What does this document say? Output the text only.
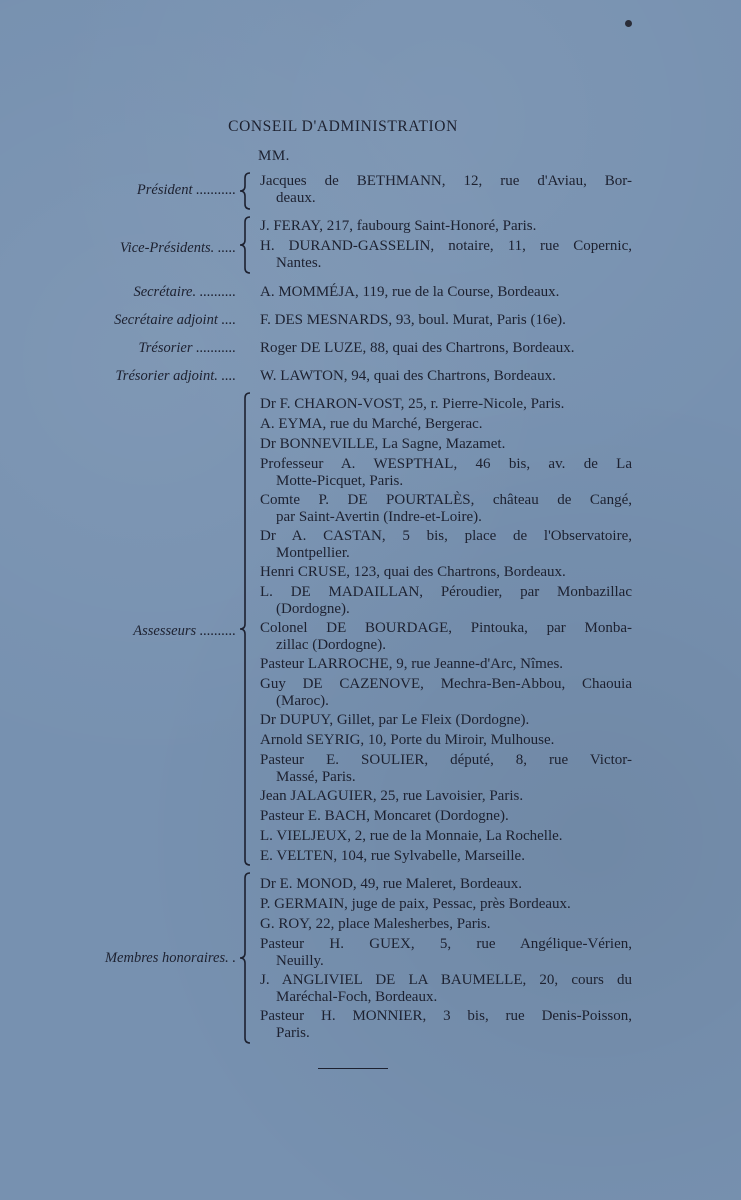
CONSEIL D'ADMINISTRATION
MM.
Président ...........
Jacques de BETHMANN, 12, rue d'Aviau, Bor-
deaux.
Vice-Présidents. .....
J. FERAY, 217, faubourg Saint-Honoré, Paris.
H. DURAND-GASSELIN, notaire, 11, rue Copernic,
Nantes.
Secrétaire. .......... A. MOMMÉJA, 119, rue de la Course, Bordeaux.
Secrétaire adjoint .... F. DES MESNARDS, 93, boul. Murat, Paris (16e).
Trésorier ........... Roger DE LUZE, 88, quai des Chartrons, Bordeaux.
Trésorier adjoint. .... W. LAWTON, 94, quai des Chartrons, Bordeaux.
Assesseurs ..........
Dr F. CHARON-VOST, 25, r. Pierre-Nicole, Paris.
A. EYMA, rue du Marché, Bergerac.
Dr BONNEVILLE, La Sagne, Mazamet.
Professeur A. WESPTHAL, 46 bis, av. de La
Motte-Picquet, Paris.
Comte P. DE POURTALÈS, château de Cangé,
par Saint-Avertin (Indre-et-Loire).
Dr A. CASTAN, 5 bis, place de l'Observatoire,
Montpellier.
Henri CRUSE, 123, quai des Chartrons, Bordeaux.
L. DE MADAILLAN, Péroudier, par Monbazillac
(Dordogne).
Colonel DE BOURDAGE, Pintouka, par Monba-
zillac (Dordogne).
Pasteur LARROCHE, 9, rue Jeanne-d'Arc, Nîmes.
Guy DE CAZENOVE, Mechra-Ben-Abbou, Chaouia
(Maroc).
Dr DUPUY, Gillet, par Le Fleix (Dordogne).
Arnold SEYRIG, 10, Porte du Miroir, Mulhouse.
Pasteur E. SOULIER, député, 8, rue Victor-
Massé, Paris.
Jean JALAGUIER, 25, rue Lavoisier, Paris.
Pasteur E. BACH, Moncaret (Dordogne).
L. VIELJEUX, 2, rue de la Monnaie, La Rochelle.
E. VELTEN, 104, rue Sylvabelle, Marseille.
Membres honoraires. .
Dr E. MONOD, 49, rue Maleret, Bordeaux.
P. GERMAIN, juge de paix, Pessac, près Bordeaux.
G. ROY, 22, place Malesherbes, Paris.
Pasteur H. GUEX, 5, rue Angélique-Vérien,
Neuilly.
J. ANGLIVIEL DE LA BAUMELLE, 20, cours du
Maréchal-Foch, Bordeaux.
Pasteur H. MONNIER, 3 bis, rue Denis-Poisson,
Paris.
